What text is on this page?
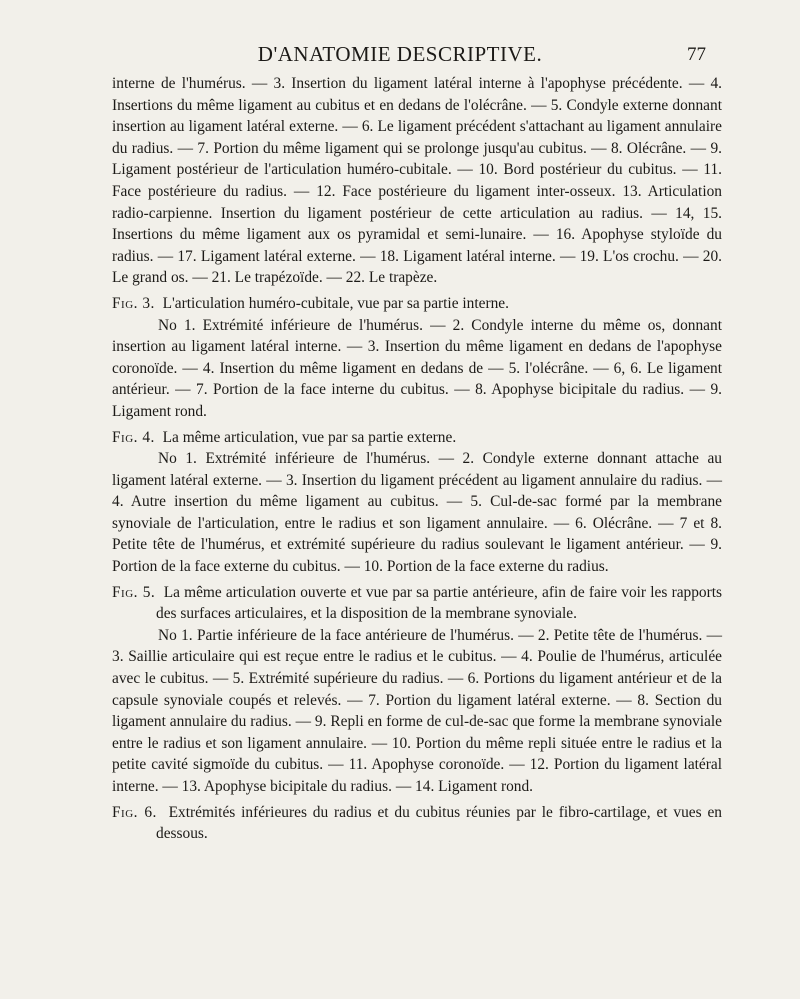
D'ANATOMIE DESCRIPTIVE.	77

interne de l'humérus. — 3. Insertion du ligament latéral interne à l'apophyse précédente. — 4. Insertions du même ligament au cubitus et en dedans de l'olécrâne. — 5. Condyle externe donnant insertion au ligament latéral externe. — 6. Le ligament précédent s'attachant au ligament annulaire du radius. — 7. Portion du même ligament qui se prolonge jusqu'au cubitus. — 8. Olécrâne. — 9. Ligament postérieur de l'articulation huméro-cubitale. — 10. Bord postérieur du cubitus. — 11. Face postérieure du radius. — 12. Face postérieure du ligament inter-osseux. 13. Articulation radio-carpienne. Insertion du ligament postérieur de cette articulation au radius. — 14, 15. Insertions du même ligament aux os pyramidal et semi-lunaire. — 16. Apophyse styloïde du radius. — 17. Ligament latéral externe. — 18. Ligament latéral interne. — 19. L'os crochu. — 20. Le grand os. — 21. Le trapézoïde. — 22. Le trapèze.

Fig. 3. L'articulation huméro-cubitale, vue par sa partie interne.

No 1. Extrémité inférieure de l'humérus. — 2. Condyle interne du même os, donnant insertion au ligament latéral interne. — 3. Insertion du même ligament en dedans de l'apophyse coronoïde. — 4. Insertion du même ligament en dedans de — 5. l'olécrâne. — 6, 6. Le ligament antérieur. — 7. Portion de la face interne du cubitus. — 8. Apophyse bicipitale du radius. — 9. Ligament rond.

Fig. 4. La même articulation, vue par sa partie externe.

No 1. Extrémité inférieure de l'humérus. — 2. Condyle externe donnant attache au ligament latéral externe. — 3. Insertion du ligament précédent au ligament annulaire du radius. — 4. Autre insertion du même ligament au cubitus. — 5. Cul-de-sac formé par la membrane synoviale de l'articulation, entre le radius et son ligament annulaire. — 6. Olécrâne. — 7 et 8. Petite tête de l'humérus, et extrémité supérieure du radius soulevant le ligament antérieur. — 9. Portion de la face externe du cubitus. — 10. Portion de la face externe du radius.

Fig. 5. La même articulation ouverte et vue par sa partie antérieure, afin de faire voir les rapports des surfaces articulaires, et la disposition de la membrane synoviale.

No 1. Partie inférieure de la face antérieure de l'humérus. — 2. Petite tête de l'humérus. — 3. Saillie articulaire qui est reçue entre le radius et le cubitus. — 4. Poulie de l'humérus, articulée avec le cubitus. — 5. Extrémité supérieure du radius. — 6. Portions du ligament antérieur et de la capsule synoviale coupés et relevés. — 7. Portion du ligament latéral externe. — 8. Section du ligament annulaire du radius. — 9. Repli en forme de cul-de-sac que forme la membrane synoviale entre le radius et son ligament annulaire. — 10. Portion du même repli située entre le radius et la petite cavité sigmoïde du cubitus. — 11. Apophyse coronoïde. — 12. Portion du ligament latéral interne. — 13. Apophyse bicipitale du radius. — 14. Ligament rond.

Fig. 6. Extrémités inférieures du radius et du cubitus réunies par le fibro-cartilage, et vues en dessous.
